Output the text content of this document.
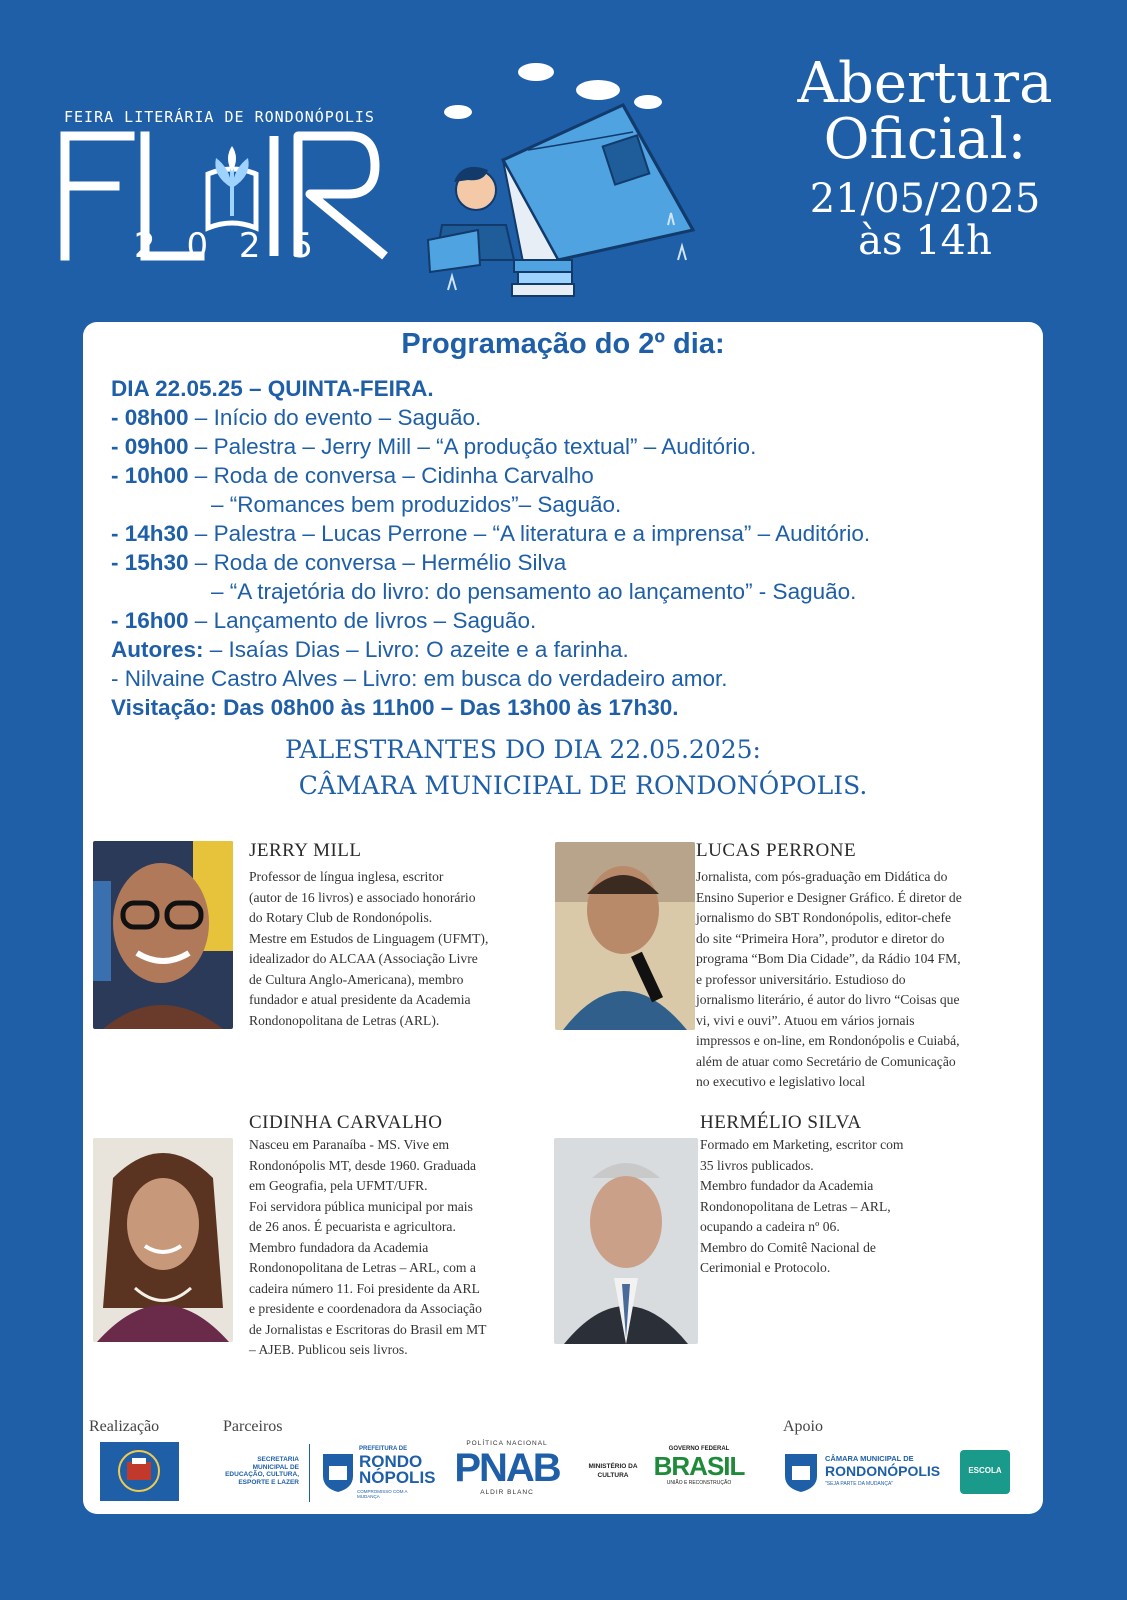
FEIRA LITERÁRIA DE RONDONÓPOLIS
2 0 2 5
Abertura
Oficial:
21/05/2025
às 14h
Programação do 2º dia:
DIA 22.05.25 – QUINTA-FEIRA.
- 08h00 – Início do evento – Saguão.
- 09h00 – Palestra – Jerry Mill – “A produção textual” – Auditório.
- 10h00 – Roda de conversa – Cidinha Carvalho
– “Romances bem produzidos”– Saguão.
- 14h30 – Palestra – Lucas Perrone – “A literatura e a imprensa” – Auditório.
- 15h30 – Roda de conversa – Hermélio Silva
– “A trajetória do livro: do pensamento ao lançamento” - Saguão.
- 16h00 – Lançamento de livros – Saguão.
Autores: – Isaías Dias – Livro: O azeite e a farinha.
- Nilvaine Castro Alves – Livro: em busca do verdadeiro amor.
Visitação: Das 08h00 às 11h00 – Das 13h00 às 17h30.
PALESTRANTES DO DIA 22.05.2025:
CÂMARA MUNICIPAL DE RONDONÓPOLIS.
JERRY MILL
Professor de língua inglesa, escritor
(autor de 16 livros) e associado honorário
do Rotary Club de Rondonópolis.
Mestre em Estudos de Linguagem (UFMT),
idealizador do ALCAA (Associação Livre
de Cultura Anglo-Americana), membro
fundador e atual presidente da Academia
Rondonopolitana de Letras (ARL).
LUCAS PERRONE
Jornalista, com pós-graduação em Didática do
Ensino Superior e Designer Gráfico. É diretor de
jornalismo do SBT Rondonópolis, editor-chefe
do site “Primeira Hora”, produtor e diretor do
programa “Bom Dia Cidade”, da Rádio 104 FM,
e professor universitário. Estudioso do
jornalismo literário, é autor do livro “Coisas que
vi, vivi e ouvi”. Atuou em vários jornais
impressos e on-line, em Rondonópolis e Cuiabá,
além de atuar como Secretário de Comunicação
no executivo e legislativo local
CIDINHA CARVALHO
Nasceu em Paranaíba - MS. Vive em
Rondonópolis MT, desde 1960. Graduada
em Geografia, pela UFMT/UFR.
Foi servidora pública municipal por mais
de 26 anos. É pecuarista e agricultora.
Membro fundadora da Academia
Rondonopolitana de Letras – ARL, com a
cadeira número 11. Foi presidente da ARL
e presidente e coordenadora da Associação
de Jornalistas e Escritoras do Brasil em MT
– AJEB. Publicou seis livros.
HERMÉLIO SILVA
Formado em Marketing, escritor com
35 livros publicados.
Membro fundador da Academia
Rondonopolitana de Letras – ARL,
ocupando a cadeira nº 06.
Membro do Comitê Nacional de
Cerimonial e Protocolo.
Realização	Parceiros	Apoio
SECRETARIA
MUNICIPAL DE
EDUCAÇÃO, CULTURA,
ESPORTE E LAZER
PREFEITURA DE
RONDO
NÓPOLIS
COMPROMISSO COM A MUDANÇA
POLÍTICA NACIONAL
PNAB
ALDIR BLANC
MINISTÉRIO DA
CULTURA
GOVERNO FEDERAL
BRASIL
UNIÃO E RECONSTRUÇÃO
CÂMARA MUNICIPAL DE
RONDONÓPOLIS
"SEJA PARTE DA MUDANÇA"
ESCOLA
